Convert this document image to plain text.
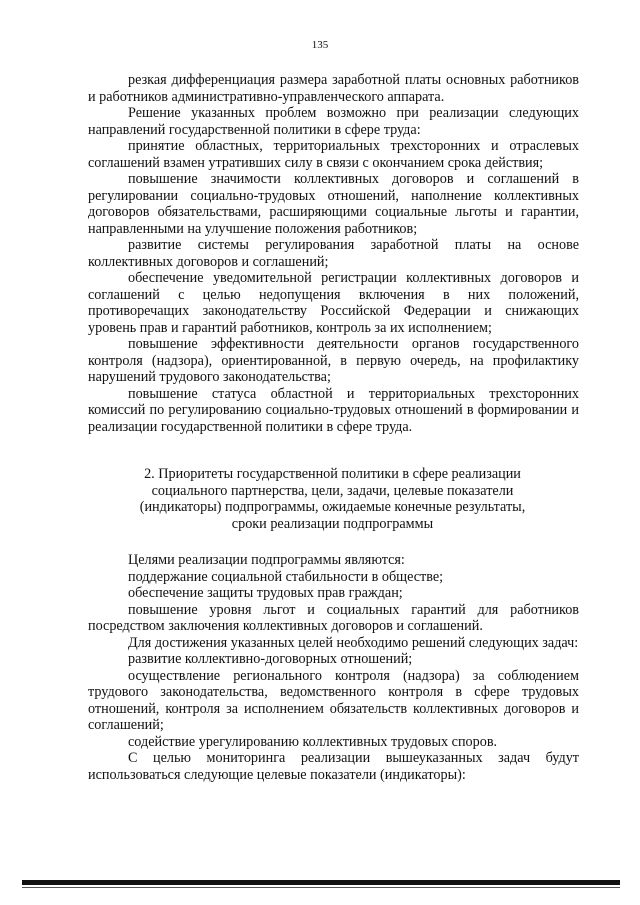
135

резкая дифференциация размера заработной платы основных работников и работников административно-управленческого аппарата.

Решение указанных проблем возможно при реализации следующих направлений государственной политики в сфере труда:

принятие областных, территориальных трехсторонних и отраслевых соглашений взамен утративших силу в связи с окончанием срока действия;

повышение значимости коллективных договоров и соглашений в регулировании социально-трудовых отношений, наполнение коллективных договоров обязательствами, расширяющими социальные льготы и гарантии, направленными на улучшение положения работников;

развитие системы регулирования заработной платы на основе коллективных договоров и соглашений;

обеспечение уведомительной регистрации коллективных договоров и соглашений с целью недопущения включения в них положений, противоречащих законодательству Российской Федерации и снижающих уровень прав и гарантий работников, контроль за их исполнением;

повышение эффективности деятельности органов государственного контроля (надзора), ориентированной, в первую очередь, на профилактику нарушений трудового законодательства;

повышение статуса областной и территориальных трехсторонних комиссий по регулированию социально-трудовых отношений в формировании и реализации государственной политики в сфере труда.

2. Приоритеты государственной политики в сфере реализации

социального партнерства, цели, задачи, целевые показатели

(индикаторы) подпрограммы, ожидаемые конечные результаты,

сроки реализации подпрограммы

Целями реализации подпрограммы являются:

поддержание социальной стабильности в обществе;

обеспечение защиты трудовых прав граждан;

повышение уровня льгот и социальных гарантий для работников посредством заключения коллективных договоров и соглашений.

Для достижения указанных целей необходимо решений следующих задач:

развитие коллективно-договорных отношений;

осуществление регионального контроля (надзора) за соблюдением трудового законодательства, ведомственного контроля в сфере трудовых отношений, контроля за исполнением обязательств коллективных договоров и соглашений;

содействие урегулированию коллективных трудовых споров.

С целью мониторинга реализации вышеуказанных задач будут использоваться следующие целевые показатели (индикаторы):
